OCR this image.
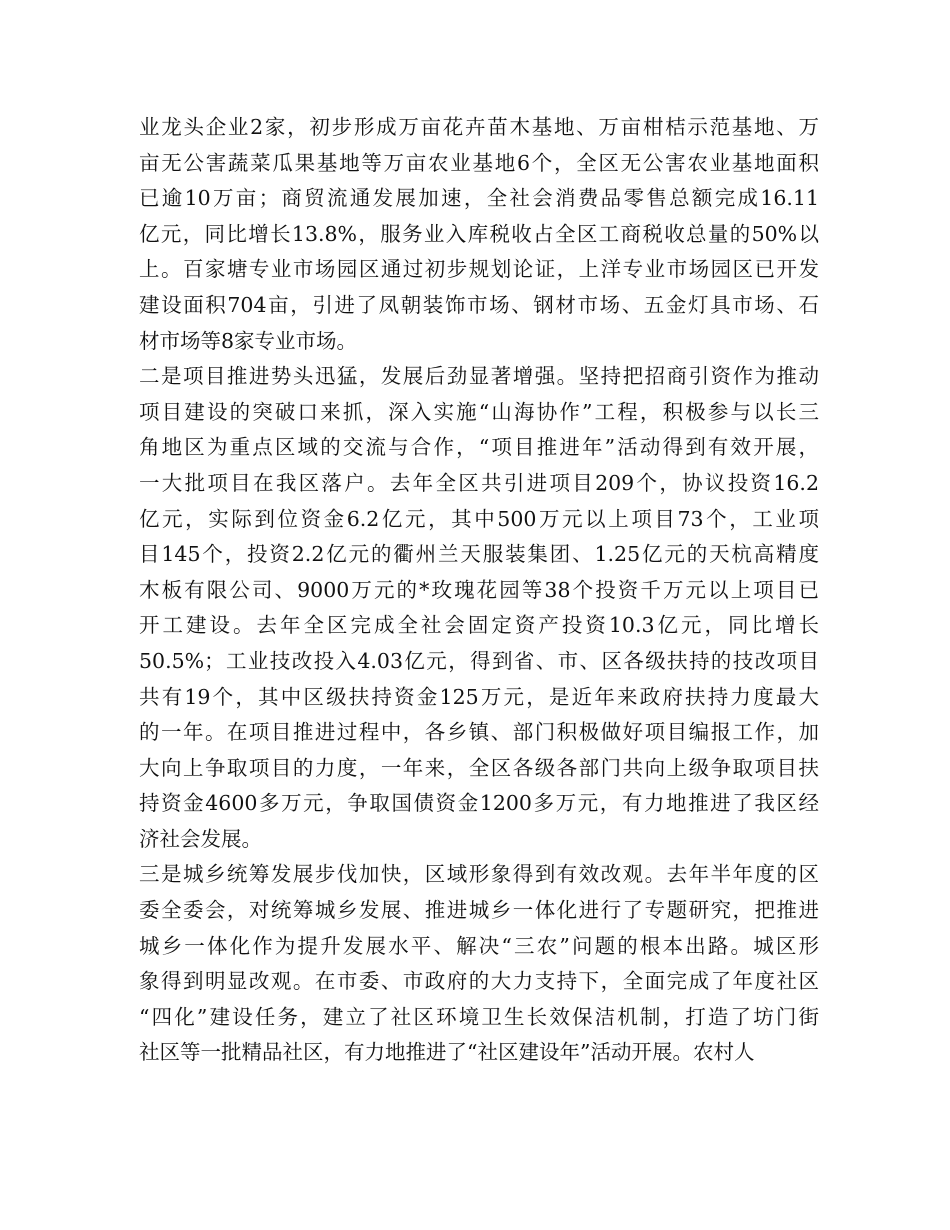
业龙头企业2家，初步形成万亩花卉苗木基地、万亩柑桔示范基地、万
亩无公害蔬菜瓜果基地等万亩农业基地6个，全区无公害农业基地面积
已逾10万亩；商贸流通发展加速，全社会消费品零售总额完成16.11
亿元，同比增长13.8%，服务业入库税收占全区工商税收总量的50%以
上。百家塘专业市场园区通过初步规划论证，上洋专业市场园区已开发
建设面积704亩，引进了凤朝装饰市场、钢材市场、五金灯具市场、石
材市场等8家专业市场。
二是项目推进势头迅猛，发展后劲显著增强。坚持把招商引资作为推动
项目建设的突破口来抓，深入实施“山海协作”工程，积极参与以长三
角地区为重点区域的交流与合作，“项目推进年”活动得到有效开展，
一大批项目在我区落户。去年全区共引进项目209个，协议投资16.2
亿元，实际到位资金6.2亿元，其中500万元以上项目73个，工业项
目145个，投资2.2亿元的衢州兰天服装集团、1.25亿元的天杭高精度
木板有限公司、9000万元的*玫瑰花园等38个投资千万元以上项目已
开工建设。去年全区完成全社会固定资产投资10.3亿元，同比增长
50.5%；工业技改投入4.03亿元，得到省、市、区各级扶持的技改项目
共有19个，其中区级扶持资金125万元，是近年来政府扶持力度最大
的一年。在项目推进过程中，各乡镇、部门积极做好项目编报工作，加
大向上争取项目的力度，一年来，全区各级各部门共向上级争取项目扶
持资金4600多万元，争取国债资金1200多万元，有力地推进了我区经
济社会发展。
三是城乡统筹发展步伐加快，区域形象得到有效改观。去年半年度的区
委全委会，对统筹城乡发展、推进城乡一体化进行了专题研究，把推进
城乡一体化作为提升发展水平、解决“三农”问题的根本出路。城区形
象得到明显改观。在市委、市政府的大力支持下，全面完成了年度社区
“四化”建设任务，建立了社区环境卫生长效保洁机制，打造了坊门街
社区等一批精品社区，有力地推进了“社区建设年”活动开展。农村人
